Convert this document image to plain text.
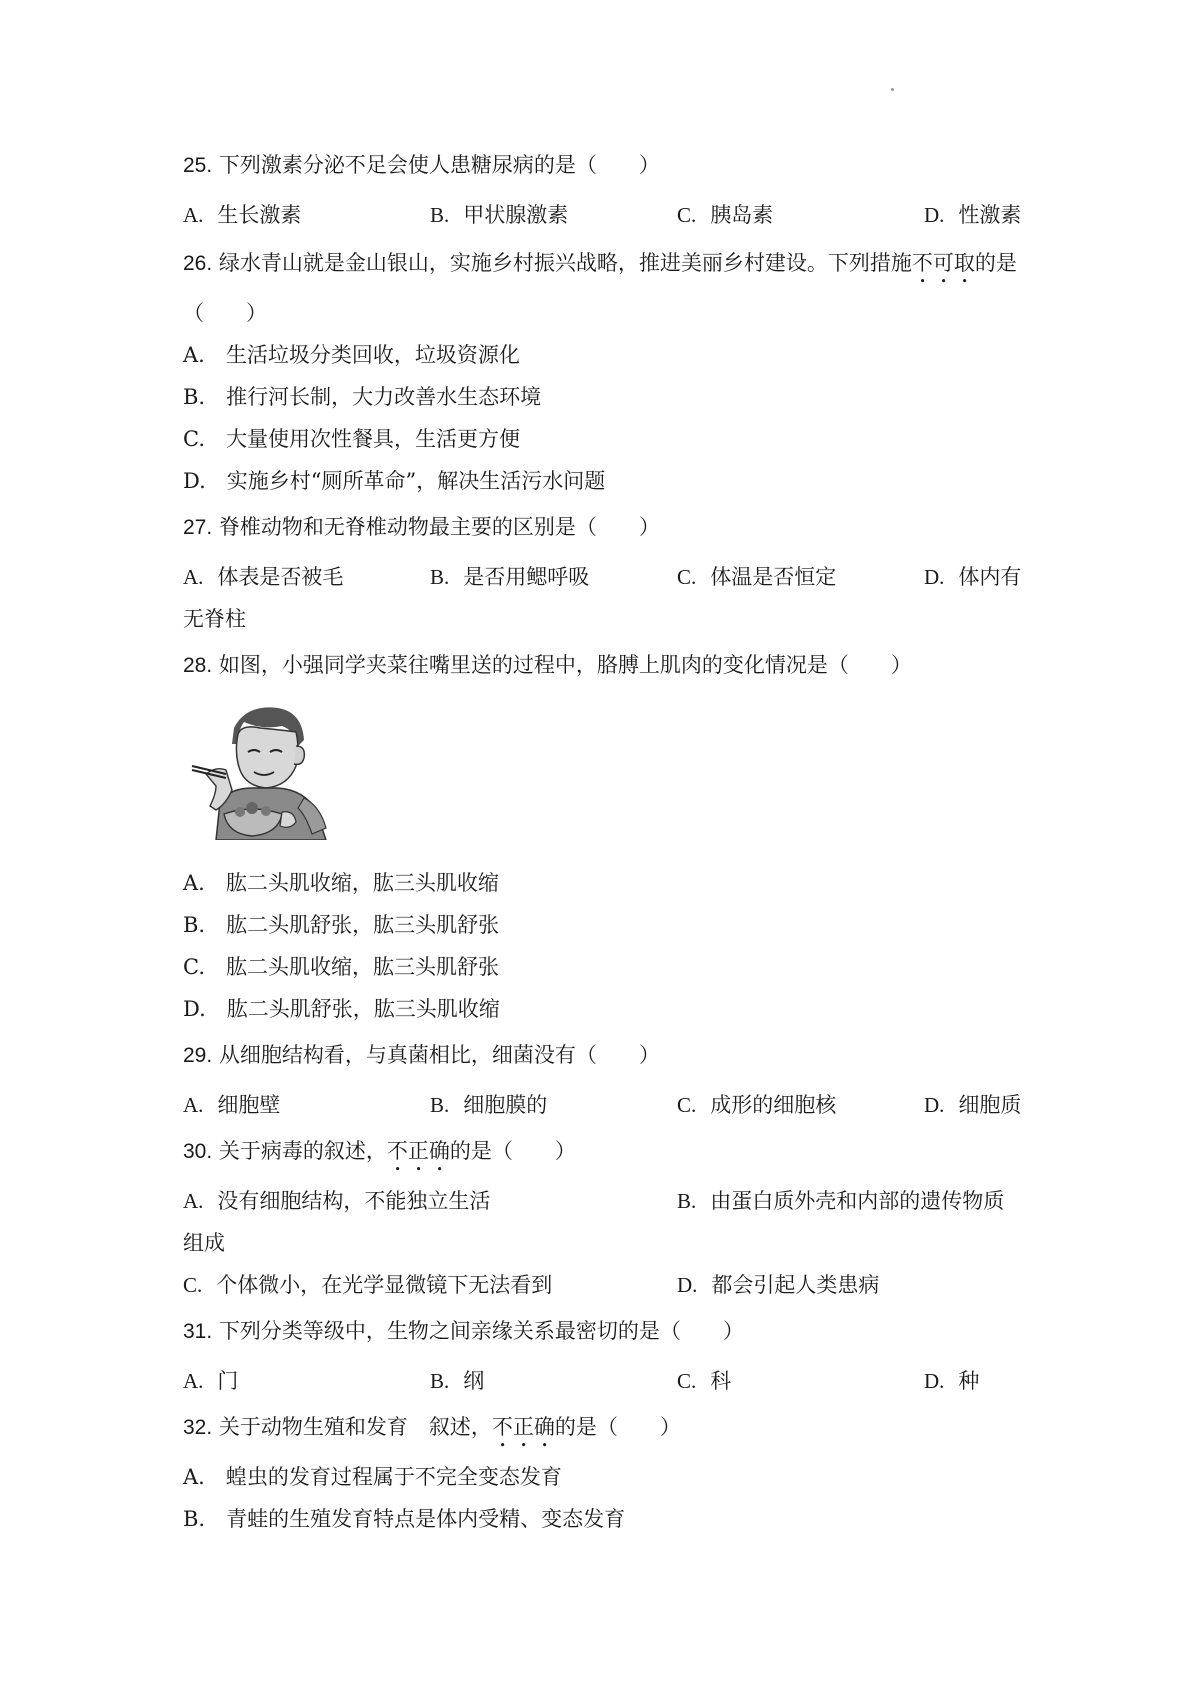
25. 下列激素分泌不足会使人患糖尿病的是（　　）
A. 生长激素	B. 甲状腺激素	C. 胰岛素	D. 性激素
26. 绿水青山就是金山银山，实施乡村振兴战略，推进美丽乡村建设。下列措施不可取的是
（　　）
A.　生活垃圾分类回收，垃圾资源化
B.　推行河长制，大力改善水生态环境
C.　大量使用次性餐具，生活更方便
D.　实施乡村“厕所革命”，解决生活污水问题
27. 脊椎动物和无脊椎动物最主要的区别是（　　）
A. 体表是否被毛	B. 是否用鳃呼吸	C. 体温是否恒定	D. 体内有
无脊柱
28. 如图，小强同学夹菜往嘴里送的过程中，胳膊上肌肉的变化情况是（　　）
A.　肱二头肌收缩，肱三头肌收缩
B.　肱二头肌舒张，肱三头肌舒张
C.　肱二头肌收缩，肱三头肌舒张
D.　肱二头肌舒张，肱三头肌收缩
29. 从细胞结构看，与真菌相比，细菌没有（　　）
A. 细胞壁	B. 细胞膜的	C. 成形的细胞核	D. 细胞质
30. 关于病毒的叙述，不正确的是（　　）
A. 没有细胞结构，不能独立生活	B. 由蛋白质外壳和内部的遗传物质
组成
C. 个体微小，在光学显微镜下无法看到	D. 都会引起人类患病
31. 下列分类等级中，生物之间亲缘关系最密切的是（　　）
A. 门	B. 纲	C. 科	D. 种
32. 关于动物生殖和发育　 叙述，不正确的是（　　）
A.　蝗虫的发育过程属于不完全变态发育
B.　青蛙的生殖发育特点是体内受精、变态发育
